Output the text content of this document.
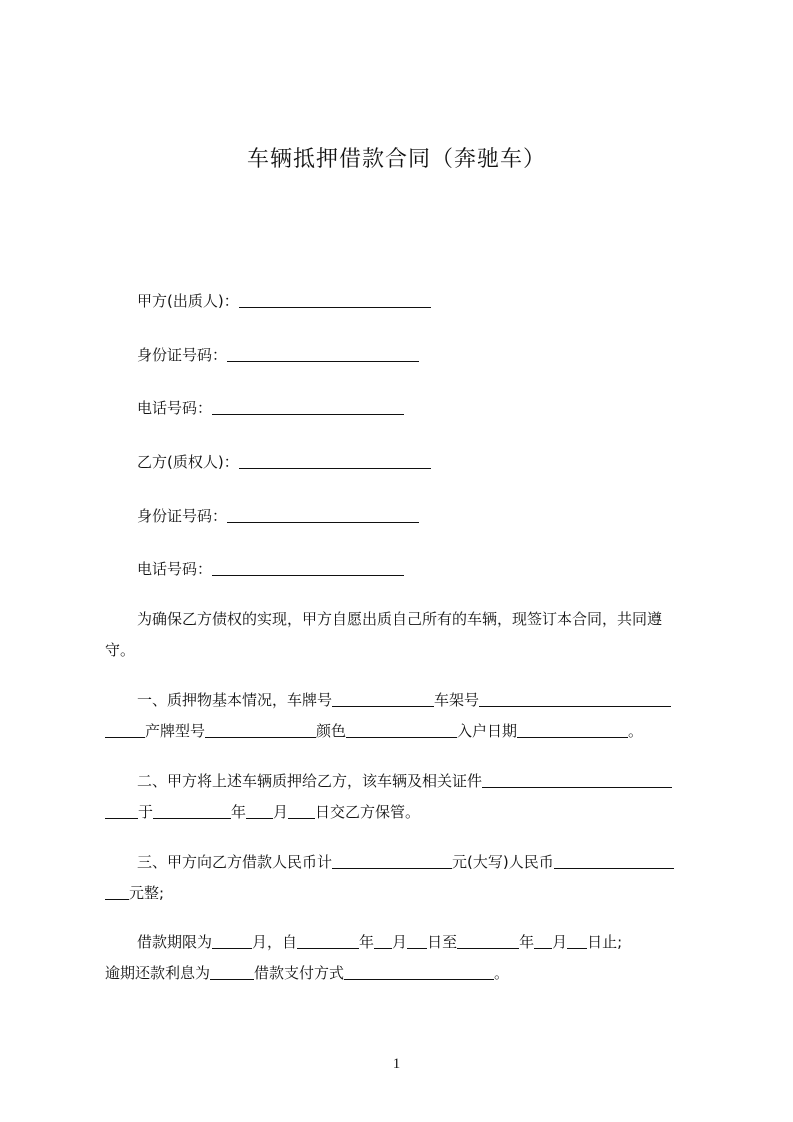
车辆抵押借款合同（奔驰车）
甲方(出质人)：
身份证号码：
电话号码：
乙方(质权人)：
身份证号码：
电话号码：
为确保乙方债权的实现，甲方自愿出质自己所有的车辆，现签订本合同，共同遵
守。
一、质押物基本情况，车牌号	车架号
产牌型号	颜色	入户日期	。
二、甲方将上述车辆质押给乙方，该车辆及相关证件
于	年 月 日交乙方保管。
三、甲方向乙方借款人民币计	元(大写)人民币
元整;
借款期限为	月，自	年 月 日至	年 月 日止;
逾期还款利息为	借款支付方式	。
1
